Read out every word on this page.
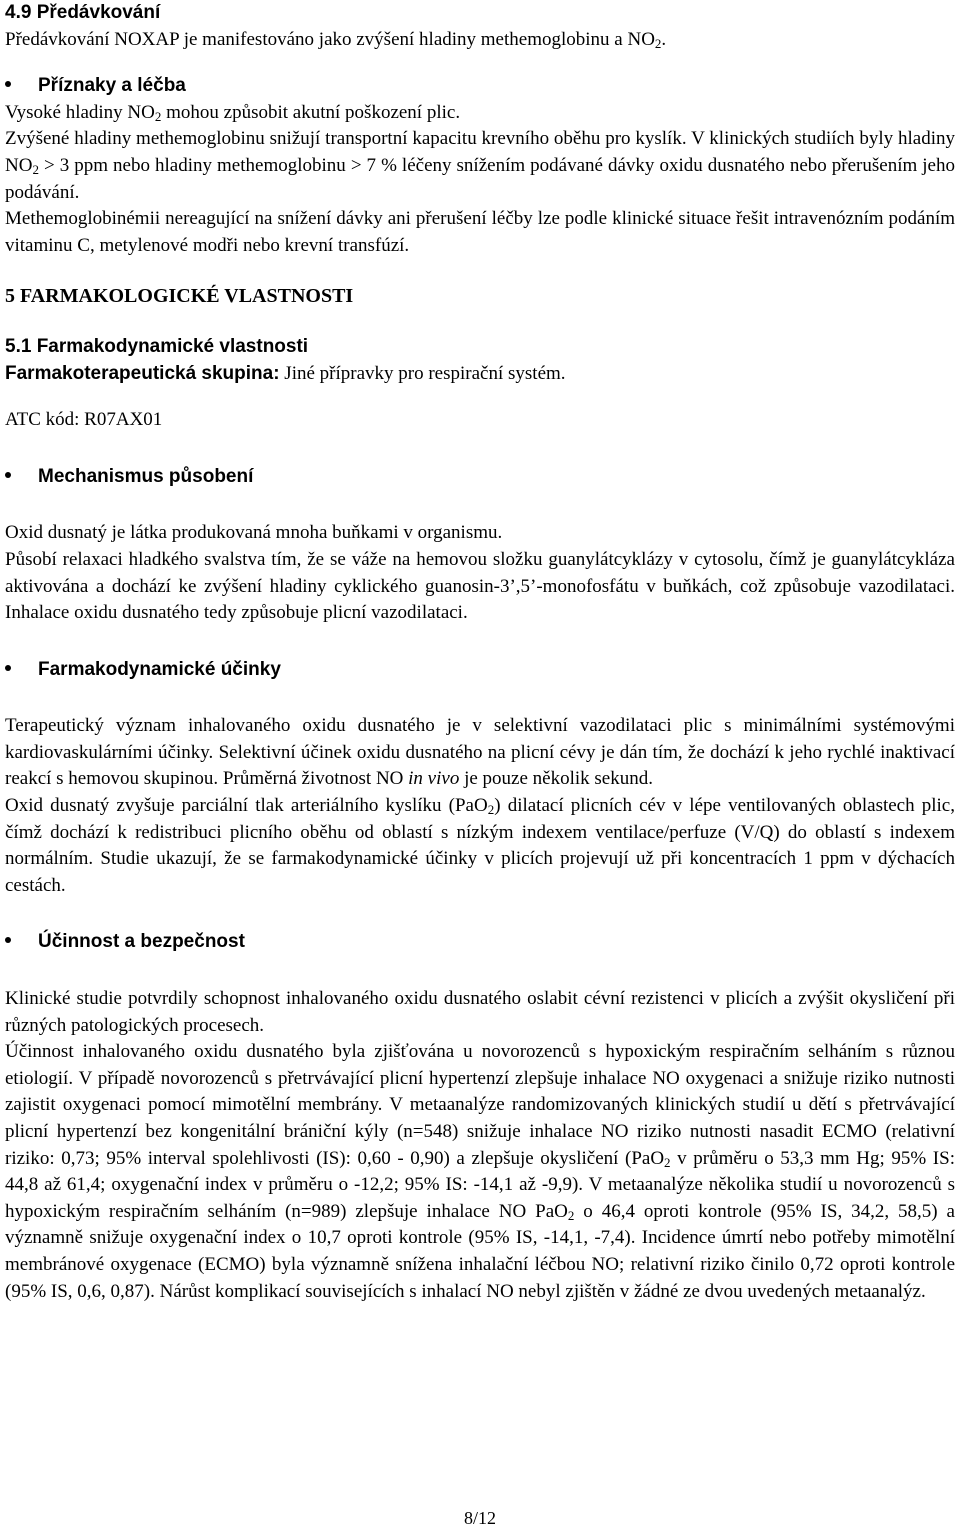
4.9 Předávkování

Předávkování NOXAP je manifestováno jako zvýšení hladiny methemoglobinu a $NO_2$.

Příznaky a léčba

Vysoké hladiny $NO_2$ mohou způsobit akutní poškození plic.

Zvýšené hladiny methemoglobinu snižují transportní kapacitu krevního oběhu pro kyslík. V klinických studiích byly hladiny $NO_2 > 3$ ppm nebo hladiny methemoglobinu > 7 % léčeny snížením podávané dávky oxidu dusnatého nebo přerušením jeho podávání.

Methemoglobinémii nereagující na snížení dávky ani přerušení léčby lze podle klinické situace řešit intravenózním podáním vitaminu C, metylenové modři nebo krevní transfúzí.

5 FARMAKOLOGICKÉ VLASTNOSTI
5.1 Farmakodynamické vlastnosti

Farmakoterapeutická skupina: Jiné přípravky pro respirační systém.

ATC kód: R07AX01

Mechanismus působení

Oxid dusnatý je látka produkovaná mnoha buňkami v organismu.

Působí relaxaci hladkého svalstva tím, že se váže na hemovou složku guanylátcyklázy v cytosolu, čímž je guanylátcykláza aktivována a dochází ke zvýšení hladiny cyklického guanosin-3’,5’-monofosfátu v buňkách, což způsobuje vazodilataci. Inhalace oxidu dusnatého tedy způsobuje plicní vazodilataci.

Farmakodynamické účinky

Terapeutický význam inhalovaného oxidu dusnatého je v selektivní vazodilataci plic s minimálními systémovými kardiovaskulárními účinky. Selektivní účinek oxidu dusnatého na plicní cévy je dán tím, že dochází k jeho rychlé inaktivací reakcí s hemovou skupinou. Průměrná životnost NO in vivo je pouze několik sekund.

Oxid dusnatý zvyšuje parciální tlak arteriálního kyslíku (PaO$_2$) dilatací plicních cév v lépe ventilovaných oblastech plic, čímž dochází k redistribuci plicního oběhu od oblastí s nízkým indexem ventilace/perfuze (V/Q) do oblastí s indexem normálním. Studie ukazují, že se farmakodynamické účinky v plicích projevují už při koncentracích 1 ppm v dýchacích cestách.

Účinnost a bezpečnost

Klinické studie potvrdily schopnost inhalovaného oxidu dusnatého oslabit cévní rezistenci v plicích a zvýšit okysličení při různých patologických procesech.

Účinnost inhalovaného oxidu dusnatého byla zjišťována u novorozenců s hypoxickým respiračním selháním s různou etiologií. V případě novorozenců s přetrvávající plicní hypertenzí zlepšuje inhalace NO oxygenaci a snižuje riziko nutnosti zajistit oxygenaci pomocí mimotělní membrány. V metaanalýze randomizovaných klinických studií u dětí s přetrvávající plicní hypertenzí bez kongenitální brániční kýly (n=548) snižuje inhalace NO riziko nutnosti nasadit ECMO (relativní riziko: 0,73; 95% interval spolehlivosti (IS): 0,60 - 0,90) a zlepšuje okysličení (PaO$_2$ v průměru o 53,3 mm Hg; 95% IS: 44,8 až 61,4; oxygenační index v průměru o -12,2; 95% IS: -14,1 až -9,9). V metaanalýze několika studií u novorozenců s hypoxickým respiračním selháním (n=989) zlepšuje inhalace NO PaO$_2$ o 46,4 oproti kontrole (95% IS, 34,2, 58,5) a významně snižuje oxygenační index o 10,7 oproti kontrole (95% IS, -14,1, -7,4). Incidence úmrtí nebo potřeby mimotělní membránové oxygenace (ECMO) byla významně snížena inhalační léčbou NO; relativní riziko činilo 0,72 oproti kontrole (95% IS, 0,6, 0,87). Nárůst komplikací souvisejících s inhalací NO nebyl zjištěn v žádné ze dvou uvedených metaanalýz.

8/12
